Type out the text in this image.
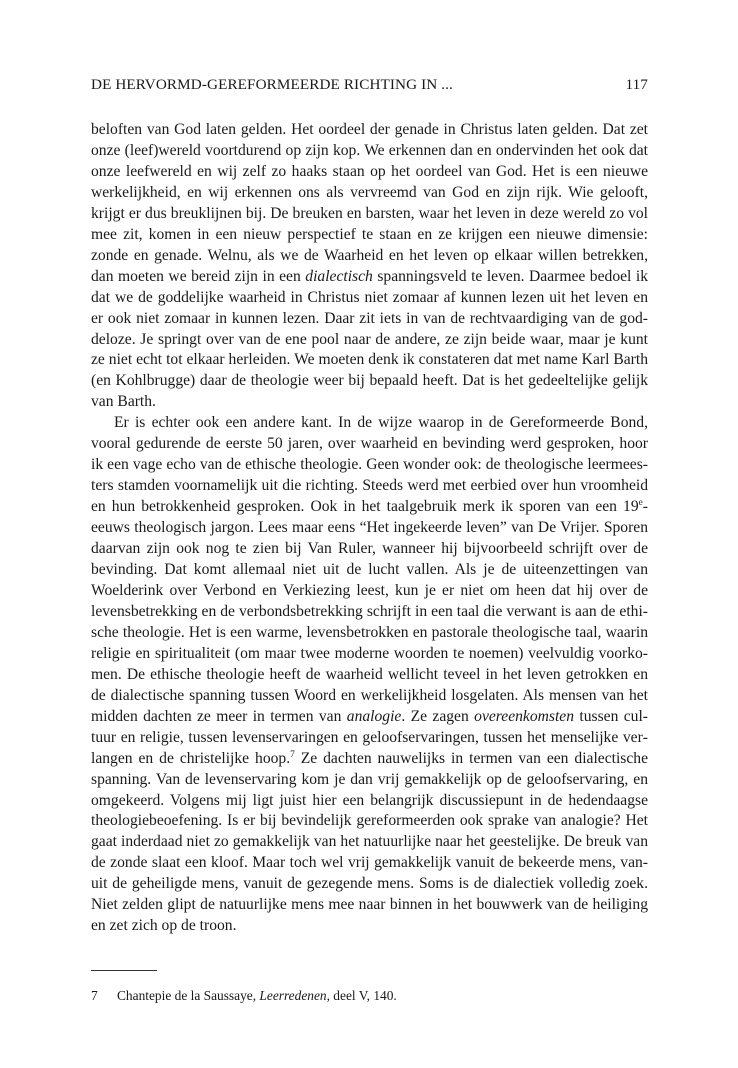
DE HERVORMD-GEREFORMEERDE RICHTING IN ...	117

beloften van God laten gelden. Het oordeel der genade in Christus laten gelden. Dat zet onze (leef)wereld voortdurend op zijn kop. We erkennen dan en ondervinden het ook dat onze leefwereld en wij zelf zo haaks staan op het oordeel van God. Het is een nieuwe werkelijkheid, en wij erkennen ons als vervreemd van God en zijn rijk. Wie gelooft, krijgt er dus breuklijnen bij. De breuken en barsten, waar het leven in deze wereld zo vol mee zit, komen in een nieuw perspectief te staan en ze krijgen een nieuwe dimensie: zonde en genade. Welnu, als we de Waarheid en het leven op elkaar willen betrekken, dan moeten we bereid zijn in een dialectisch spanningsveld te leven. Daarmee bedoel ik dat we de goddelijke waarheid in Christus niet zomaar af kunnen lezen uit het leven en er ook niet zomaar in kunnen lezen. Daar zit iets in van de rechtvaardiging van de goddeloze. Je springt over van de ene pool naar de andere, ze zijn beide waar, maar je kunt ze niet echt tot elkaar herleiden. We moeten denk ik constateren dat met name Karl Barth (en Kohlbrugge) daar de theologie weer bij bepaald heeft. Dat is het gedeeltelijke gelijk van Barth.

Er is echter ook een andere kant. In de wijze waarop in de Gereformeerde Bond, vooral gedurende de eerste 50 jaren, over waarheid en bevinding werd gesproken, hoor ik een vage echo van de ethische theologie. Geen wonder ook: de theologische leermeesters stamden voornamelijk uit die richting. Steeds werd met eerbied over hun vroomheid en hun betrokkenheid gesproken. Ook in het taalgebruik merk ik sporen van een 19e-eeuws theologisch jargon. Lees maar eens “Het ingekeerde leven” van De Vrijer. Sporen daarvan zijn ook nog te zien bij Van Ruler, wanneer hij bijvoorbeeld schrijft over de bevinding. Dat komt allemaal niet uit de lucht vallen. Als je de uiteenzettingen van Woelderink over Verbond en Verkiezing leest, kun je er niet om heen dat hij over de levensbetrekking en de verbondsbetrekking schrijft in een taal die verwant is aan de ethische theologie. Het is een warme, levensbetrokken en pastorale theologische taal, waarin religie en spiritualiteit (om maar twee moderne woorden te noemen) veelvuldig voorkomen. De ethische theologie heeft de waarheid wellicht teveel in het leven getrokken en de dialectische spanning tussen Woord en werkelijkheid losgelaten. Als mensen van het midden dachten ze meer in termen van analogie. Ze zagen overeenkomsten tussen cultuur en religie, tussen levenservaringen en geloofservaringen, tussen het menselijke verlangen en de christelijke hoop.$^7$ Ze dachten nauwelijks in termen van een dialectische spanning. Van de levenservaring kom je dan vrij gemakkelijk op de geloofservaring, en omgekeerd. Volgens mij ligt juist hier een belangrijk discussiepunt in de hedendaagse theologiebeoefening. Is er bij bevindelijk gereformeerden ook sprake van analogie? Het gaat inderdaad niet zo gemakkelijk van het natuurlijke naar het geestelijke. De breuk van de zonde slaat een kloof. Maar toch wel vrij gemakkelijk vanuit de bekeerde mens, vanuit de geheiligde mens, vanuit de gezegende mens. Soms is de dialectiek volledig zoek. Niet zelden glipt de natuurlijke mens mee naar binnen in het bouwwerk van de heiliging en zet zich op de troon.

7 Chantepie de la Saussaye, Leerredenen, deel V, 140.
